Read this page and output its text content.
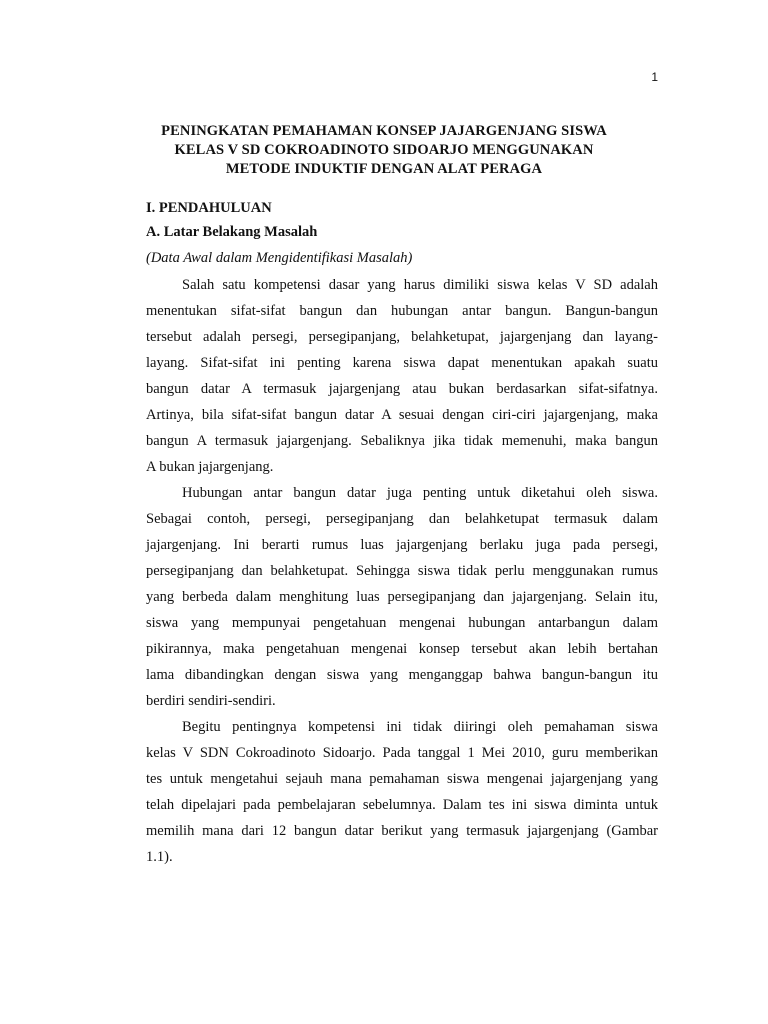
1
PENINGKATAN PEMAHAMAN KONSEP JAJARGENJANG SISWA
KELAS V SD COKROADINOTO SIDOARJO MENGGUNAKAN
METODE INDUKTIF DENGAN ALAT PERAGA

I. PENDAHULUAN

A. Latar Belakang Masalah

(Data Awal dalam Mengidentifikasi Masalah)

Salah satu kompetensi dasar yang harus dimiliki siswa kelas V SD adalah
menentukan sifat-sifat bangun dan hubungan antar bangun. Bangun-bangun
tersebut adalah persegi, persegipanjang, belahketupat, jajargenjang dan layang-
layang. Sifat-sifat ini penting karena siswa dapat menentukan apakah suatu
bangun datar A termasuk jajargenjang atau bukan berdasarkan sifat-sifatnya.
Artinya, bila sifat-sifat bangun datar A sesuai dengan ciri-ciri jajargenjang, maka
bangun A termasuk jajargenjang. Sebaliknya jika tidak memenuhi, maka bangun
A bukan jajargenjang.

Hubungan antar bangun datar juga penting untuk diketahui oleh siswa.
Sebagai contoh, persegi, persegipanjang dan belahketupat termasuk dalam
jajargenjang. Ini berarti rumus luas jajargenjang berlaku juga pada persegi,
persegipanjang dan belahketupat. Sehingga siswa tidak perlu menggunakan rumus
yang berbeda dalam menghitung luas persegipanjang dan jajargenjang. Selain itu,
siswa yang mempunyai pengetahuan mengenai hubungan antarbangun dalam
pikirannya, maka pengetahuan mengenai konsep tersebut akan lebih bertahan
lama dibandingkan dengan siswa yang menganggap bahwa bangun-bangun itu
berdiri sendiri-sendiri.

Begitu pentingnya kompetensi ini tidak diiringi oleh pemahaman siswa
kelas V SDN Cokroadinoto Sidoarjo. Pada tanggal 1 Mei 2010, guru memberikan
tes untuk mengetahui sejauh mana pemahaman siswa mengenai jajargenjang yang
telah dipelajari pada pembelajaran sebelumnya. Dalam tes ini siswa diminta untuk
memilih mana dari 12 bangun datar berikut yang termasuk jajargenjang (Gambar
1.1).
